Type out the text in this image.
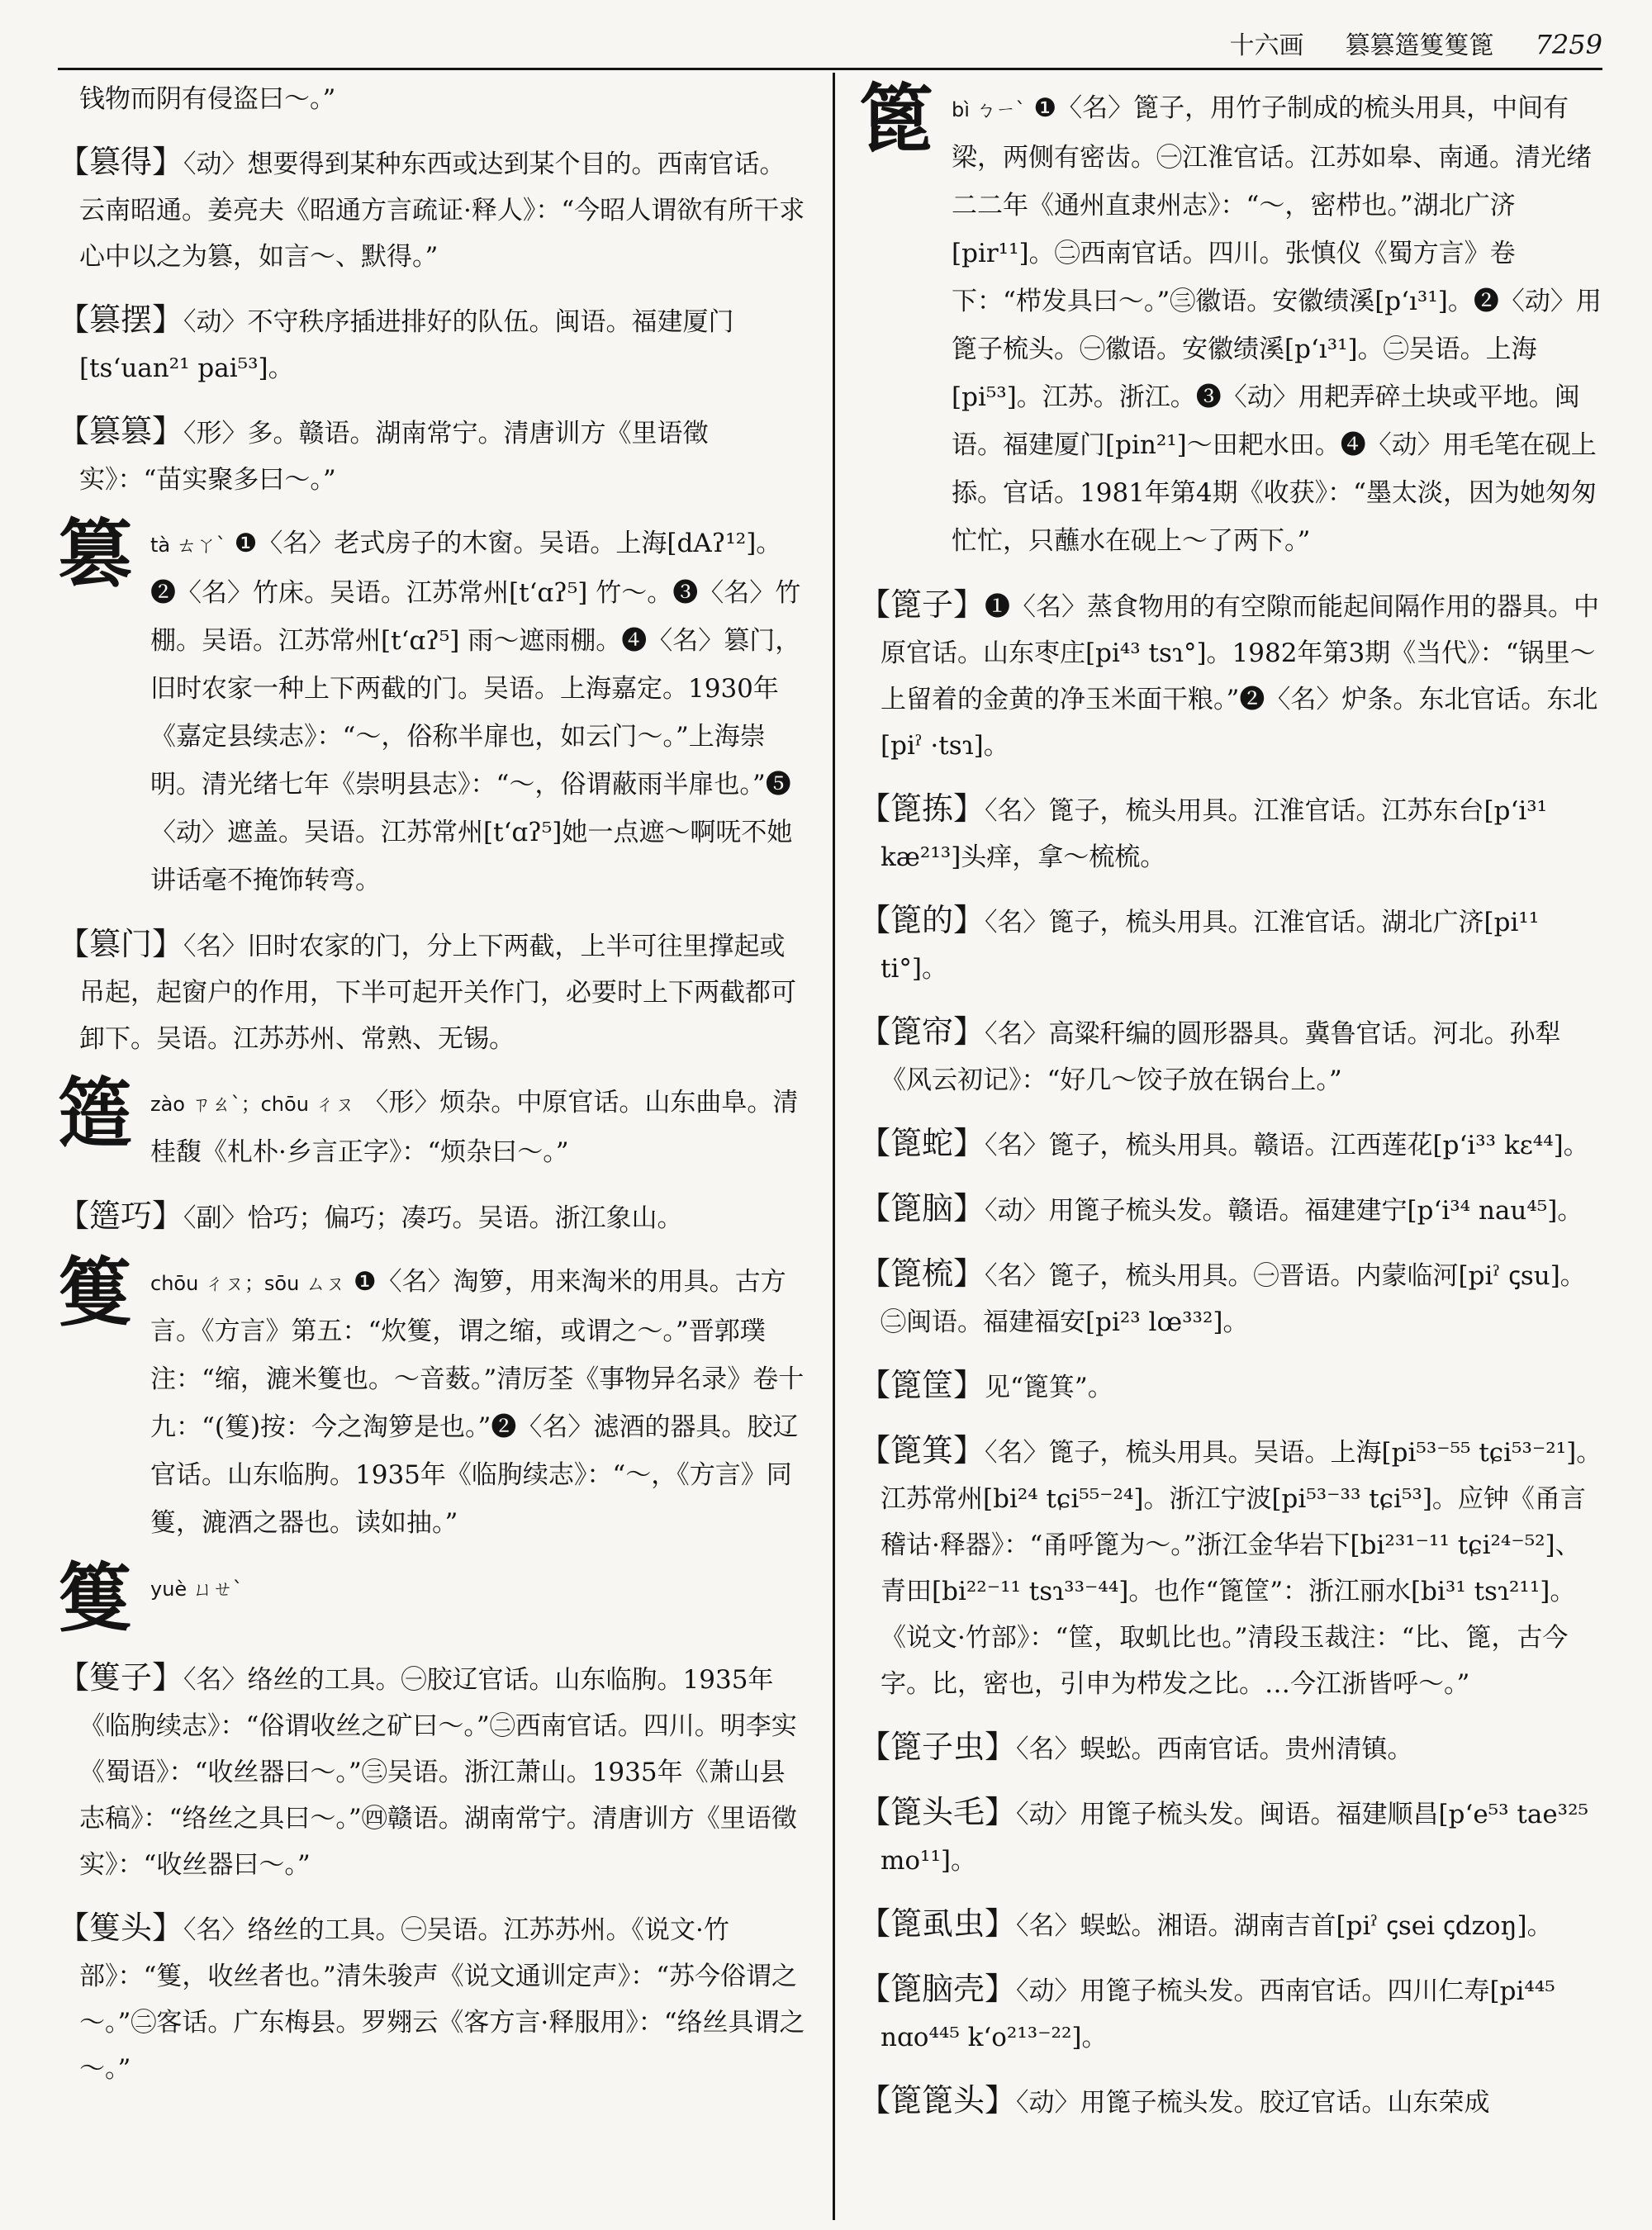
十六画 篡篡簉篗篗篦 7259

钱物而阴有侵盗曰～。”

【篡得】〈动〉想要得到某种东西或达到某个目的。西南官话。云南昭通。姜亮夫《昭通方言疏证·释人》：“今昭人谓欲有所干求心中以之为篡，如言～、默得。”

【篡摆】〈动〉不守秩序插进排好的队伍。闽语。福建厦门[ts‘uan²¹ pai⁵³]。

【篡篡】〈形〉多。赣语。湖南常宁。清唐训方《里语徵实》：“苗实聚多曰～。”

篡 tà ㄊㄚˋ ❶〈名〉老式房子的木窗。吴语。上海[dAʔ¹²]。❷〈名〉竹床。吴语。江苏常州[t‘ɑʔ⁵] 竹～。❸〈名〉竹棚。吴语。江苏常州[t‘ɑʔ⁵] 雨～遮雨棚。❹〈名〉篡门，旧时农家一种上下两截的门。吴语。上海嘉定。1930年《嘉定县续志》：“～，俗称半扉也，如云门～。”上海崇明。清光绪七年《崇明县志》：“～，俗谓蔽雨半扉也。”❺〈动〉遮盖。吴语。江苏常州[t‘ɑʔ⁵]她一点遮～啊呒不她讲话毫不掩饰转弯。

【篡门】〈名〉旧时农家的门，分上下两截，上半可往里撑起或吊起，起窗户的作用，下半可起开关作门，必要时上下两截都可卸下。吴语。江苏苏州、常熟、无锡。

簉 zào ㄗㄠˋ；chōu ㄔㄡ 〈形〉烦杂。中原官话。山东曲阜。清桂馥《札朴·乡言正字》：“烦杂曰～。”

【簉巧】〈副〉恰巧；偏巧；凑巧。吴语。浙江象山。

篗 chōu ㄔㄡ；sōu ㄙㄡ ❶〈名〉淘箩，用来淘米的用具。古方言。《方言》第五：“炊篗，谓之缩，或谓之～。”晋郭璞注：“缩，漉米篗也。～音薮。”清厉荃《事物异名录》卷十九：“(篗)按：今之淘箩是也。”❷〈名〉滤酒的器具。胶辽官话。山东临朐。1935年《临朐续志》：“～，《方言》同篗，漉酒之器也。读如抽。”
篗 yuè ㄩㄝˋ

【篗子】〈名〉络丝的工具。㊀胶辽官话。山东临朐。1935年《临朐续志》：“俗谓收丝之矿曰～。”㊁西南官话。四川。明李实《蜀语》：“收丝器曰～。”㊂吴语。浙江萧山。1935年《萧山县志稿》：“络丝之具曰～。”㊃赣语。湖南常宁。清唐训方《里语徵实》：“收丝器曰～。”

【篗头】〈名〉络丝的工具。㊀吴语。江苏苏州。《说文·竹部》：“篗，收丝者也。”清朱骏声《说文通训定声》：“苏今俗谓之～。”㊁客话。广东梅县。罗翙云《客方言·释服用》：“络丝具谓之～。”

篦 bì ㄅㄧˋ ❶〈名〉篦子，用竹子制成的梳头用具，中间有梁，两侧有密齿。㊀江淮官话。江苏如皋、南通。清光绪二二年《通州直隶州志》：“～，密栉也。”湖北广济[pir¹¹]。㊁西南官话。四川。张慎仪《蜀方言》卷下：“栉发具曰～。”㊂徽语。安徽绩溪[p‘ı³¹]。❷〈动〉用篦子梳头。㊀徽语。安徽绩溪[p‘ı³¹]。㊁吴语。上海[pi⁵³]。江苏。浙江。❸〈动〉用耙弄碎土块或平地。闽语。福建厦门[pin²¹]～田耙水田。❹〈动〉用毛笔在砚上掭。官话。1981年第4期《收获》：“墨太淡，因为她匆匆忙忙，只蘸水在砚上～了两下。”

【篦子】❶〈名〉蒸食物用的有空隙而能起间隔作用的器具。中原官话。山东枣庄[pi⁴³ tsɿ°]。1982年第3期《当代》：“锅里～上留着的金黄的净玉米面干粮。”❷〈名〉炉条。东北官话。东北[piˀ ·tsɿ]。

【篦拣】〈名〉篦子，梳头用具。江淮官话。江苏东台[p‘i³¹ kæ²¹³]头痒，拿～梳梳。

【篦的】〈名〉篦子，梳头用具。江淮官话。湖北广济[pi¹¹ ti°]。

【篦帘】〈名〉高粱秆编的圆形器具。冀鲁官话。河北。孙犁《风云初记》：“好几～饺子放在锅台上。”

【篦蛇】〈名〉篦子，梳头用具。赣语。江西莲花[p‘i³³ kɛ⁴⁴]。

【篦脑】〈动〉用篦子梳头发。赣语。福建建宁[p‘i³⁴ nau⁴⁵]。

【篦梳】〈名〉篦子，梳头用具。㊀晋语。内蒙临河[piˀ ꞔsu]。㊁闽语。福建福安[pi²³ lœ³³²]。

【篦筐】见“篦箕”。

【篦箕】〈名〉篦子，梳头用具。吴语。上海[pi⁵³⁻⁵⁵ tɕi⁵³⁻²¹]。江苏常州[bi²⁴ tɕi⁵⁵⁻²⁴]。浙江宁波[pi⁵³⁻³³ tɕi⁵³]。应钟《甬言稽诂·释器》：“甬呼篦为～。”浙江金华岩下[bi²³¹⁻¹¹ tɕi²⁴⁻⁵²]、青田[bi²²⁻¹¹ tsɿ³³⁻⁴⁴]。也作“篦筐”：浙江丽水[bi³¹ tsɿ²¹¹]。《说文·竹部》：“筐，取虮比也。”清段玉裁注：“比、篦，古今字。比，密也，引申为栉发之比。…今江浙皆呼～。”

【篦子虫】〈名〉蜈蚣。西南官话。贵州清镇。

【篦头毛】〈动〉用篦子梳头发。闽语。福建顺昌[p‘e⁵³ tae³²⁵ mo¹¹]。

【篦虱虫】〈名〉蜈蚣。湘语。湖南吉首[piˀ ꞔsei ꞔdzoŋ]。

【篦脑壳】〈动〉用篦子梳头发。西南官话。四川仁寿[pi⁴⁴⁵ nɑo⁴⁴⁵ k‘o²¹³⁻²²]。

【篦篦头】〈动〉用篦子梳头发。胶辽官话。山东荣成
